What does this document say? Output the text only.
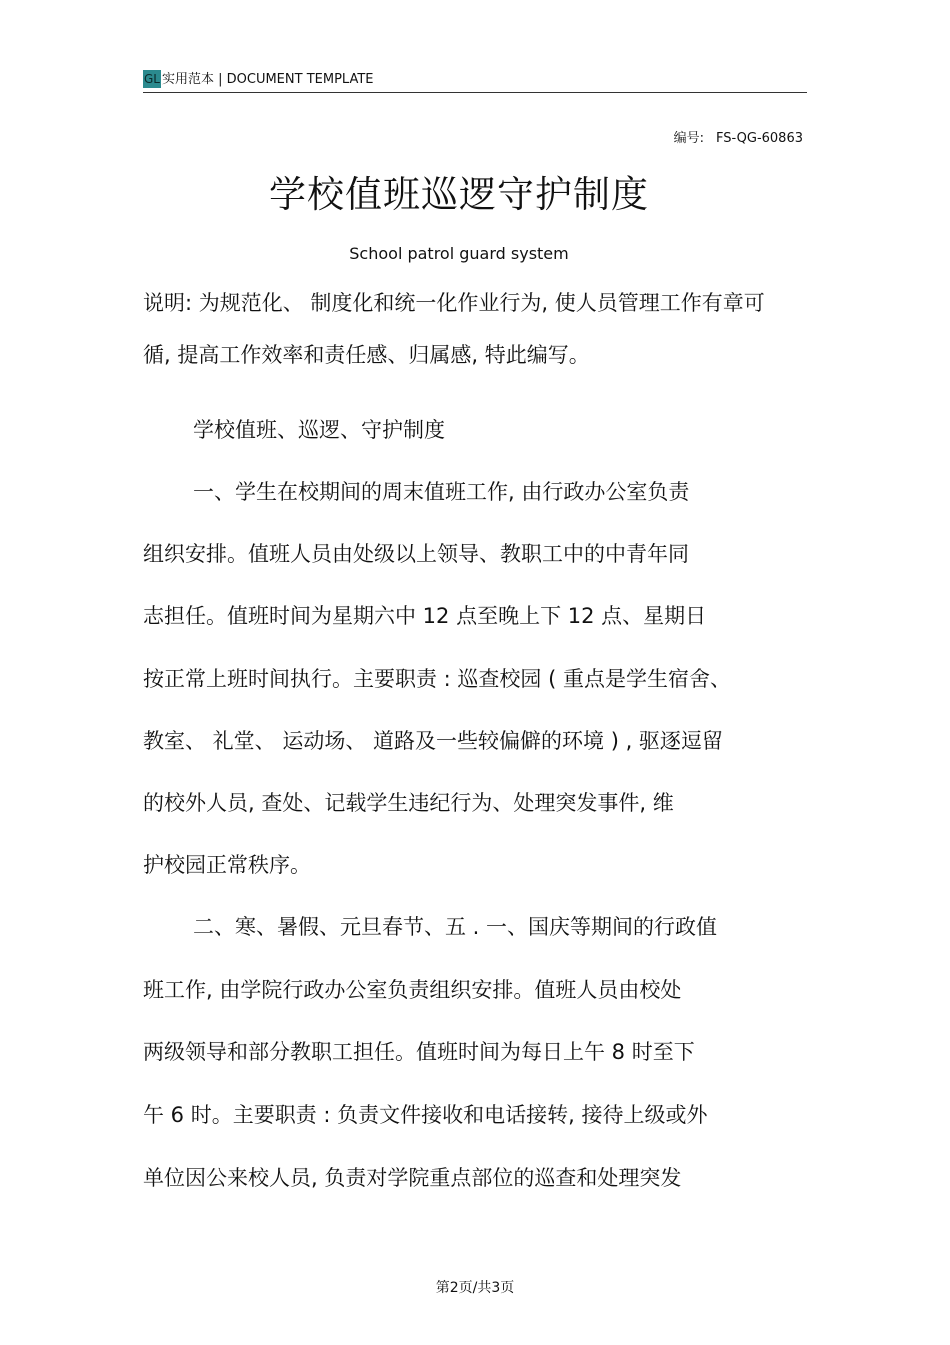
GL 实用范本 | DOCUMENT TEMPLATE
编号: FS-QG-60863
学校值班巡逻守护制度
School patrol guard system
说明: 为规范化、 制度化和统一化作业行为, 使人员管理工作有章可
循, 提高工作效率和责任感、归属感, 特此编写。
学校值班、巡逻、守护制度
一、学生在校期间的周末值班工作, 由行政办公室负责
组织安排。值班人员由处级以上领导、教职工中的中青年同
志担任。值班时间为星期六中 12 点至晚上下 12 点、星期日
按正常上班时间执行。主要职责 : 巡查校园 ( 重点是学生宿舍、
教室、 礼堂、 运动场、 道路及一些较偏僻的环境 ) , 驱逐逗留
的校外人员, 查处、记载学生违纪行为、处理突发事件, 维
护校园正常秩序。
二、寒、暑假、元旦春节、五 . 一、国庆等期间的行政值
班工作, 由学院行政办公室负责组织安排。值班人员由校处
两级领导和部分教职工担任。值班时间为每日上午 8 时至下
午 6 时。主要职责 : 负责文件接收和电话接转, 接待上级或外
单位因公来校人员, 负责对学院重点部位的巡查和处理突发
第2页/共3页
